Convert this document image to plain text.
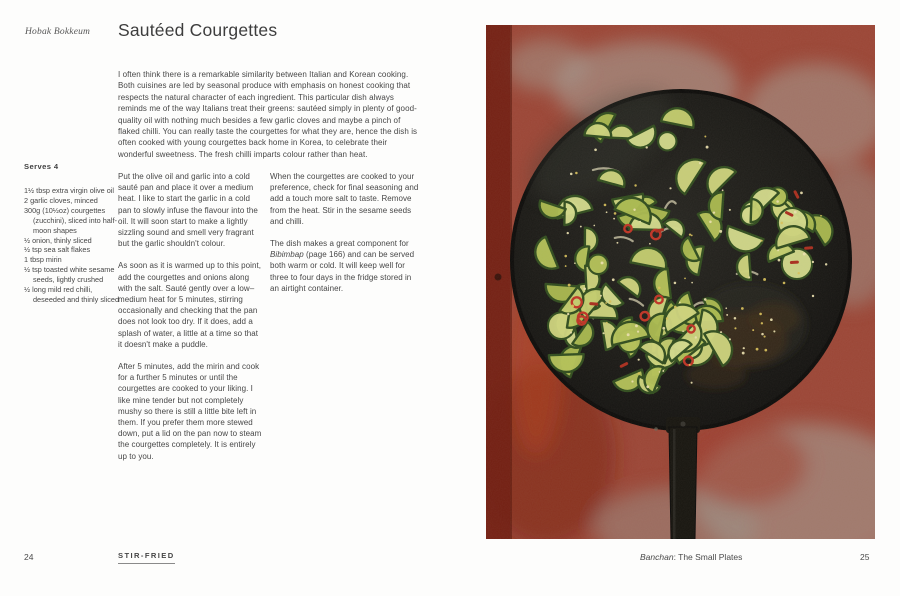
Hobak Bokkeum Sautéed Courgettes
I often think there is a remarkable similarity between Italian and Korean cooking. Both cuisines are led by seasonal produce with emphasis on honest cooking that respects the natural character of each ingredient. This particular dish always reminds me of the way Italians treat their greens: sautéed simply in plenty of good-quality oil with nothing much besides a few garlic cloves and maybe a pinch of flaked chilli. You can really taste the courgettes for what they are, hence the dish is often cooked with young courgettes back home in Korea, to celebrate their wonderful sweetness. The fresh chilli imparts colour rather than heat.
Serves 4
1½ tbsp extra virgin olive oil
2 garlic cloves, minced
300g (10½oz) courgettes (zucchini), sliced into half-moon shapes
½ onion, thinly sliced
½ tsp sea salt flakes
1 tbsp mirin
½ tsp toasted white sesame seeds, lightly crushed
½ long mild red chilli, deseeded and thinly sliced

Put the olive oil and garlic into a cold sauté pan and place it over a medium heat. I like to start the garlic in a cold pan to slowly infuse the flavour into the oil. It will soon start to make a lightly sizzling sound and smell very fragrant but the garlic shouldn't colour.

As soon as it is warmed up to this point, add the courgettes and onions along with the salt. Sauté gently over a low–medium heat for 5 minutes, stirring occasionally and checking that the pan does not look too dry. If it does, add a splash of water, a little at a time so that it doesn't make a puddle.

After 5 minutes, add the mirin and cook for a further 5 minutes or until the courgettes are cooked to your liking. I like mine tender but not completely mushy so there is still a little bite left in them. If you prefer them more stewed down, put a lid on the pan now to steam the courgettes completely. It is entirely up to you.

When the courgettes are cooked to your preference, check for final seasoning and add a touch more salt to taste. Remove from the heat. Stir in the sesame seeds and chilli.

The dish makes a great component for Bibimbap (page 166) and can be served both warm or cold. It will keep well for three to four days in the fridge stored in an airtight container.

24	STIR-FRIED	Banchan: The Small Plates	25
